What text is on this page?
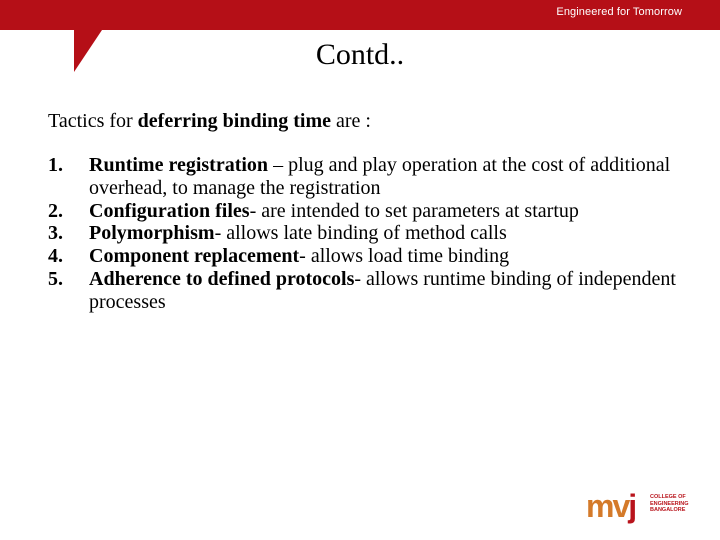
Engineered for Tomorrow
Contd..
Tactics for deferring binding time are :
1.	Runtime registration – plug and play operation at the cost of additional overhead, to manage the registration
2.	Configuration files- are intended to set parameters at startup
3.	Polymorphism- allows late binding of method calls
4.	Component replacement- allows load time binding
5.	Adherence to defined protocols- allows runtime binding of independent processes
mvj	COLLEGE OF
ENGINEERING
BANGALORE
